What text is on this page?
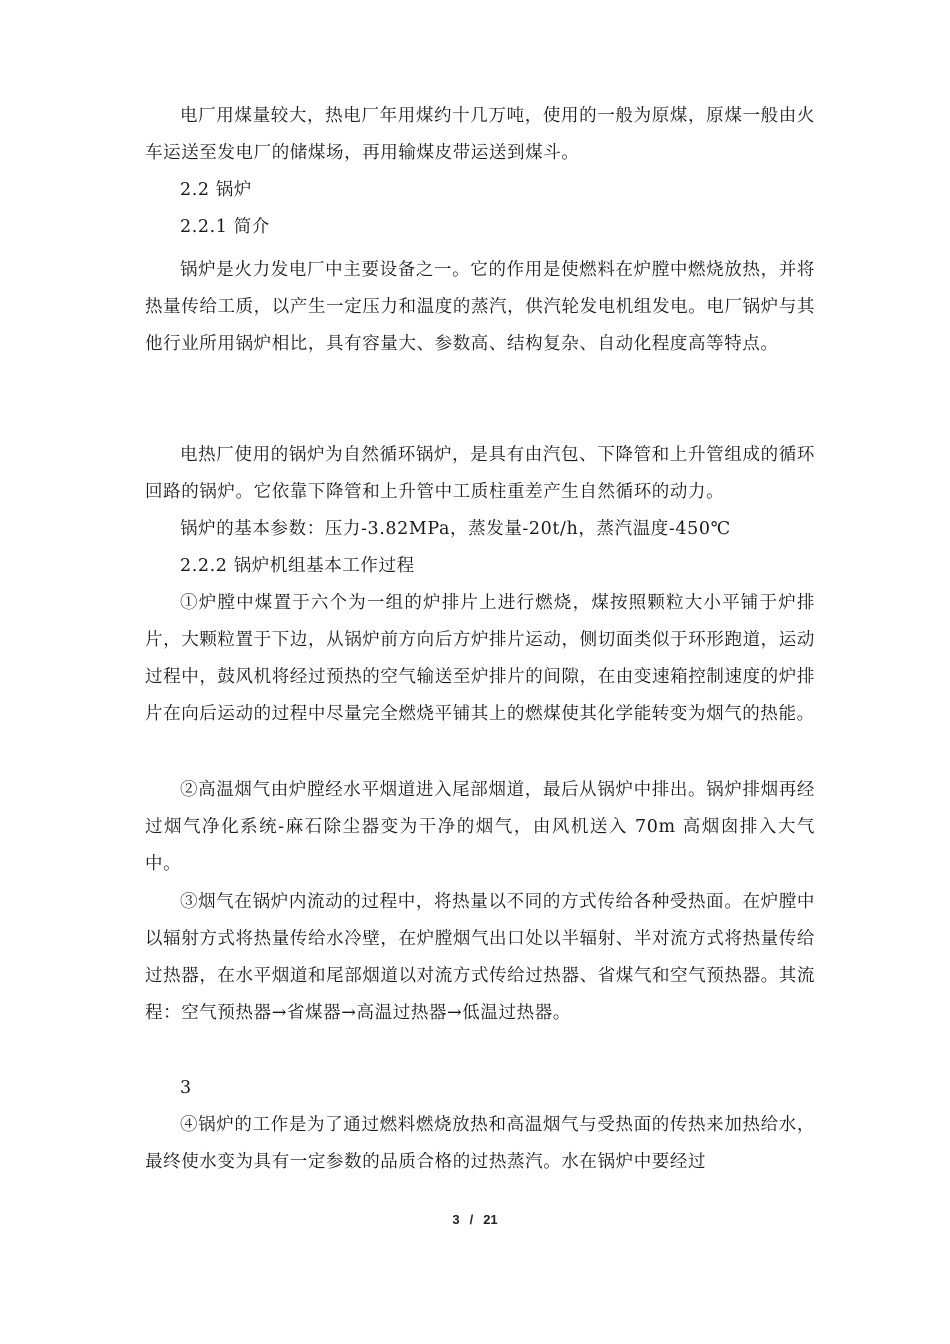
电厂用煤量较大，热电厂年用煤约十几万吨，使用的一般为原煤，原煤一般由火车运送至发电厂的储煤场，再用输煤皮带运送到煤斗。

2.2 锅炉

2.2.1 简介

锅炉是火力发电厂中主要设备之一。它的作用是使燃料在炉膛中燃烧放热，并将热量传给工质，以产生一定压力和温度的蒸汽，供汽轮发电机组发电。电厂锅炉与其他行业所用锅炉相比，具有容量大、参数高、结构复杂、自动化程度高等特点。

电热厂使用的锅炉为自然循环锅炉，是具有由汽包、下降管和上升管组成的循环回路的锅炉。它依靠下降管和上升管中工质柱重差产生自然循环的动力。

锅炉的基本参数：压力-3.82MPa，蒸发量-20t/h，蒸汽温度-450℃

2.2.2 锅炉机组基本工作过程

①炉膛中煤置于六个为一组的炉排片上进行燃烧，煤按照颗粒大小平铺于炉排片，大颗粒置于下边，从锅炉前方向后方炉排片运动，侧切面类似于环形跑道，运动过程中，鼓风机将经过预热的空气输送至炉排片的间隙，在由变速箱控制速度的炉排片在向后运动的过程中尽量完全燃烧平铺其上的燃煤使其化学能转变为烟气的热能。

②高温烟气由炉膛经水平烟道进入尾部烟道，最后从锅炉中排出。锅炉排烟再经过烟气净化系统-麻石除尘器变为干净的烟气，由风机送入 70m 高烟囱排入大气中。

③烟气在锅炉内流动的过程中，将热量以不同的方式传给各种受热面。在炉膛中以辐射方式将热量传给水冷壁，在炉膛烟气出口处以半辐射、半对流方式将热量传给过热器，在水平烟道和尾部烟道以对流方式传给过热器、省煤气和空气预热器。其流程：空气预热器→省煤器→高温过热器→低温过热器。

3

④锅炉的工作是为了通过燃料燃烧放热和高温烟气与受热面的传热来加热给水，最终使水变为具有一定参数的品质合格的过热蒸汽。水在锅炉中要经过

3 / 21
